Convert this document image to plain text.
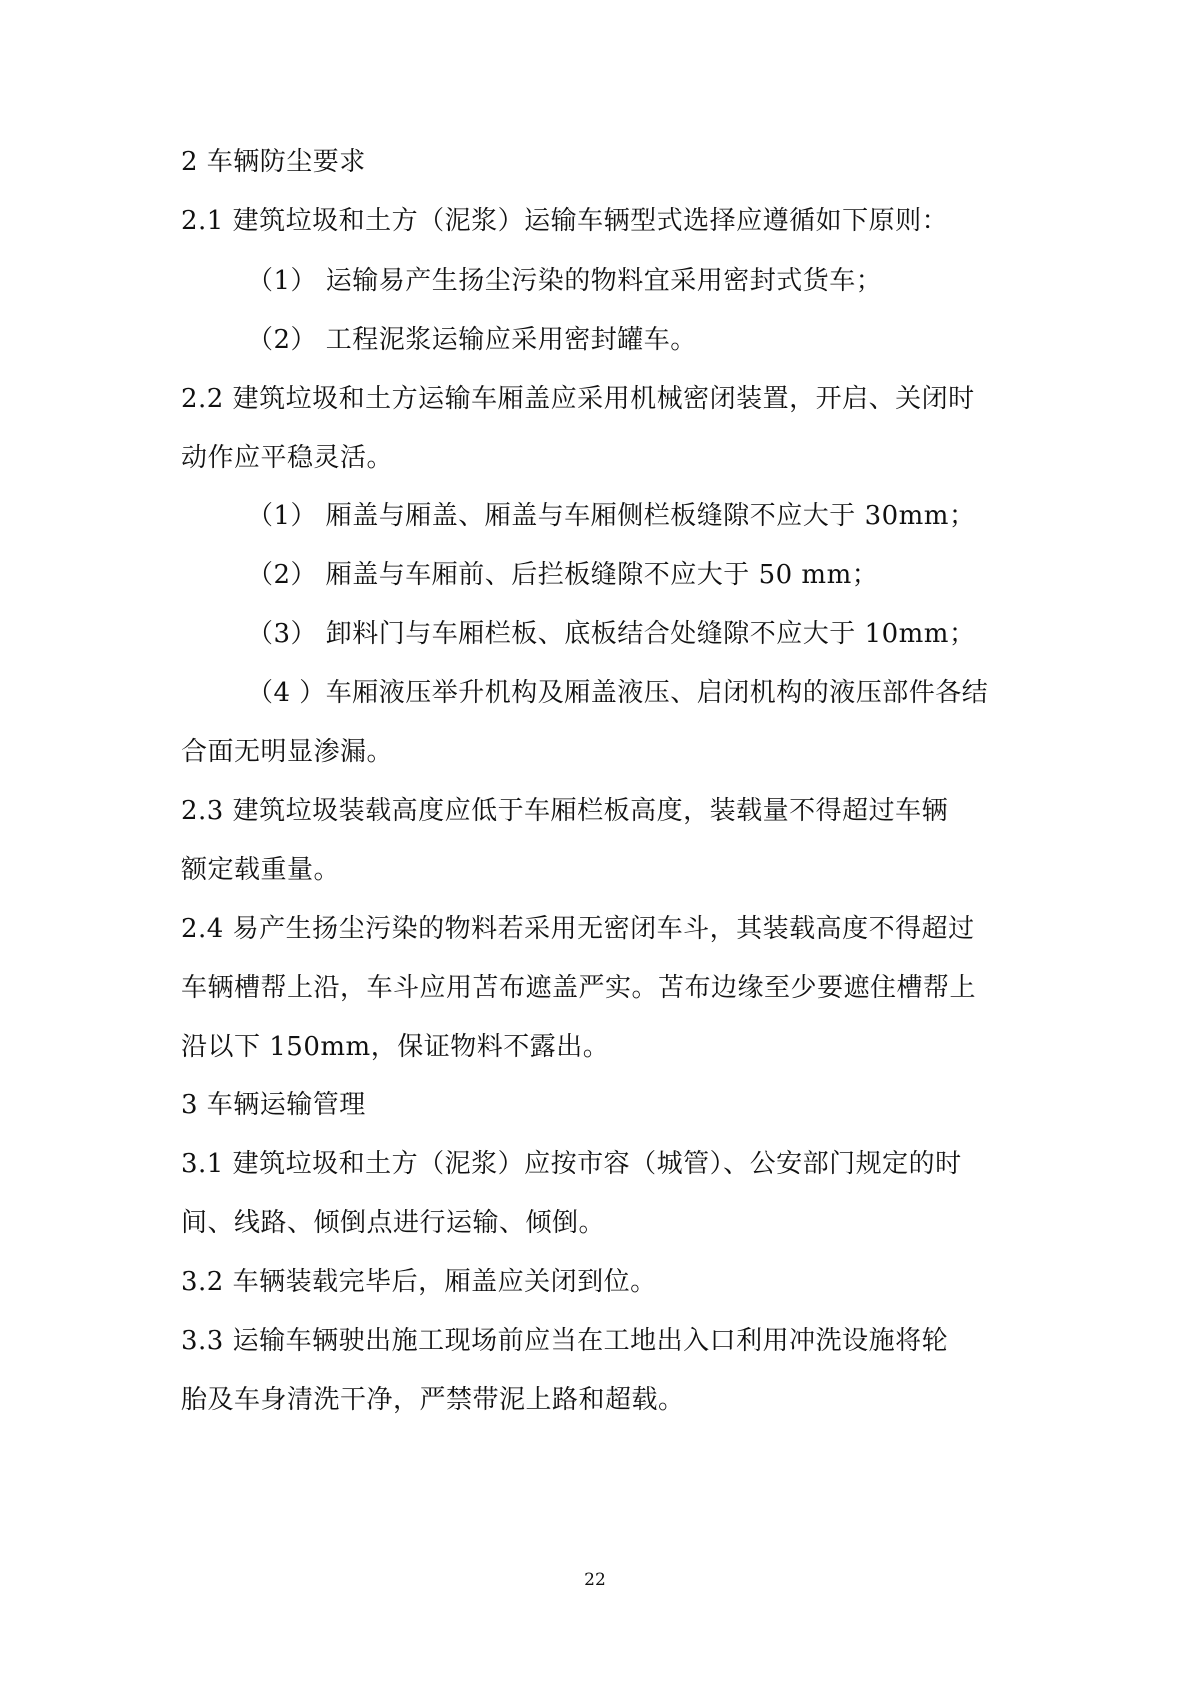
2 车辆防尘要求
2.1 建筑垃圾和土方（泥浆）运输车辆型式选择应遵循如下原则：
（1） 运输易产生扬尘污染的物料宜采用密封式货车；
（2） 工程泥浆运输应采用密封罐车。
2.2 建筑垃圾和土方运输车厢盖应采用机械密闭装置，开启、关闭时
动作应平稳灵活。
（1） 厢盖与厢盖、厢盖与车厢侧栏板缝隙不应大于 30mm；
（2） 厢盖与车厢前、后拦板缝隙不应大于 50 mm；
（3） 卸料门与车厢栏板、底板结合处缝隙不应大于 10mm；
（4 ）车厢液压举升机构及厢盖液压、启闭机构的液压部件各结
合面无明显渗漏。
2.3 建筑垃圾装载高度应低于车厢栏板高度，装载量不得超过车辆
额定载重量。
2.4 易产生扬尘污染的物料若采用无密闭车斗，其装载高度不得超过
车辆槽帮上沿，车斗应用苫布遮盖严实。苫布边缘至少要遮住槽帮上
沿以下 150mm，保证物料不露出。
3 车辆运输管理
3.1 建筑垃圾和土方（泥浆）应按市容（城管）、公安部门规定的时
间、线路、倾倒点进行运输、倾倒。
3.2 车辆装载完毕后，厢盖应关闭到位。
3.3 运输车辆驶出施工现场前应当在工地出入口利用冲洗设施将轮
胎及车身清洗干净，严禁带泥上路和超载。
22
